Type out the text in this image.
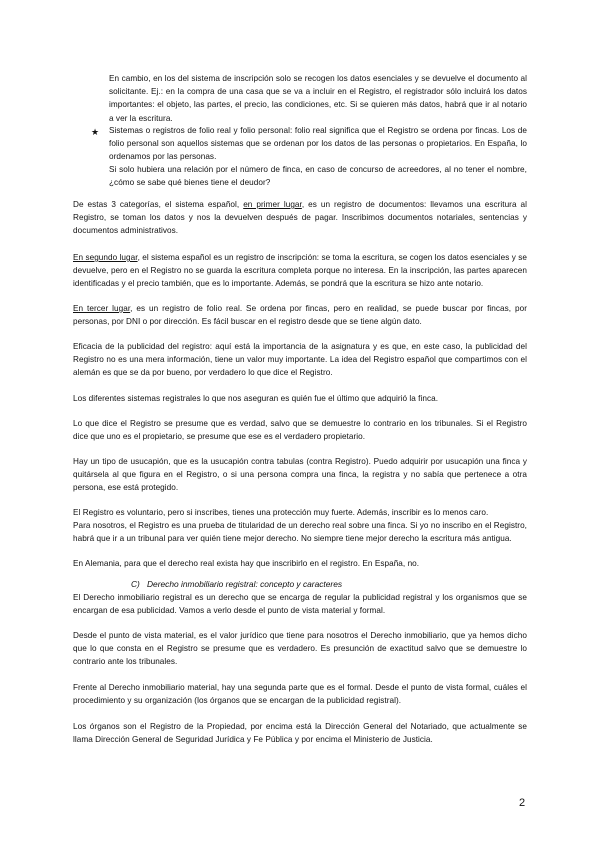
En cambio, en los del sistema de inscripción solo se recogen los datos esenciales y se devuelve el documento al solicitante. Ej.: en la compra de una casa que se va a incluir en el Registro, el registrador sólo incluirá los datos importantes: el objeto, las partes, el precio, las condiciones, etc. Si se quieren más datos, habrá que ir al notario a ver la escritura.

★ Sistemas o registros de folio real y folio personal: folio real significa que el Registro se ordena por fincas. Los de folio personal son aquellos sistemas que se ordenan por los datos de las personas o propietarios. En España, lo ordenamos por las personas.

Si solo hubiera una relación por el número de finca, en caso de concurso de acreedores, al no tener el nombre, ¿cómo se sabe qué bienes tiene el deudor?

De estas 3 categorías, el sistema español, en primer lugar, es un registro de documentos: llevamos una escritura al Registro, se toman los datos y nos la devuelven después de pagar. Inscribimos documentos notariales, sentencias y documentos administrativos.

En segundo lugar, el sistema español es un registro de inscripción: se toma la escritura, se cogen los datos esenciales y se devuelve, pero en el Registro no se guarda la escritura completa porque no interesa. En la inscripción, las partes aparecen identificadas y el precio también, que es lo importante. Además, se pondrá que la escritura se hizo ante notario.

En tercer lugar, es un registro de folio real. Se ordena por fincas, pero en realidad, se puede buscar por fincas, por personas, por DNI o por dirección. Es fácil buscar en el registro desde que se tiene algún dato.

Eficacia de la publicidad del registro: aquí está la importancia de la asignatura y es que, en este caso, la publicidad del Registro no es una mera información, tiene un valor muy importante. La idea del Registro español que compartimos con el alemán es que se da por bueno, por verdadero lo que dice el Registro.

Los diferentes sistemas registrales lo que nos aseguran es quién fue el último que adquirió la finca.

Lo que dice el Registro se presume que es verdad, salvo que se demuestre lo contrario en los tribunales. Si el Registro dice que uno es el propietario, se presume que ese es el verdadero propietario.

Hay un tipo de usucapión, que es la usucapión contra tabulas (contra Registro). Puedo adquirir por usucapión una finca y quitársela al que figura en el Registro, o si una persona compra una finca, la registra y no sabía que pertenece a otra persona, ese está protegido.

El Registro es voluntario, pero si inscribes, tienes una protección muy fuerte. Además, inscribir es lo menos caro.

Para nosotros, el Registro es una prueba de titularidad de un derecho real sobre una finca. Si yo no inscribo en el Registro, habrá que ir a un tribunal para ver quién tiene mejor derecho. No siempre tiene mejor derecho la escritura más antigua.

En Alemania, para que el derecho real exista hay que inscribirlo en el registro. En España, no.

C) Derecho inmobiliario registral: concepto y caracteres

El Derecho inmobiliario registral es un derecho que se encarga de regular la publicidad registral y los organismos que se encargan de esa publicidad. Vamos a verlo desde el punto de vista material y formal.

Desde el punto de vista material, es el valor jurídico que tiene para nosotros el Derecho inmobiliario, que ya hemos dicho que lo que consta en el Registro se presume que es verdadero. Es presunción de exactitud salvo que se demuestre lo contrario ante los tribunales.

Frente al Derecho inmobiliario material, hay una segunda parte que es el formal. Desde el punto de vista formal, cuáles el procedimiento y su organización (los órganos que se encargan de la publicidad registral).

Los órganos son el Registro de la Propiedad, por encima está la Dirección General del Notariado, que actualmente se llama Dirección General de Seguridad Jurídica y Fe Pública y por encima el Ministerio de Justicia.

2
